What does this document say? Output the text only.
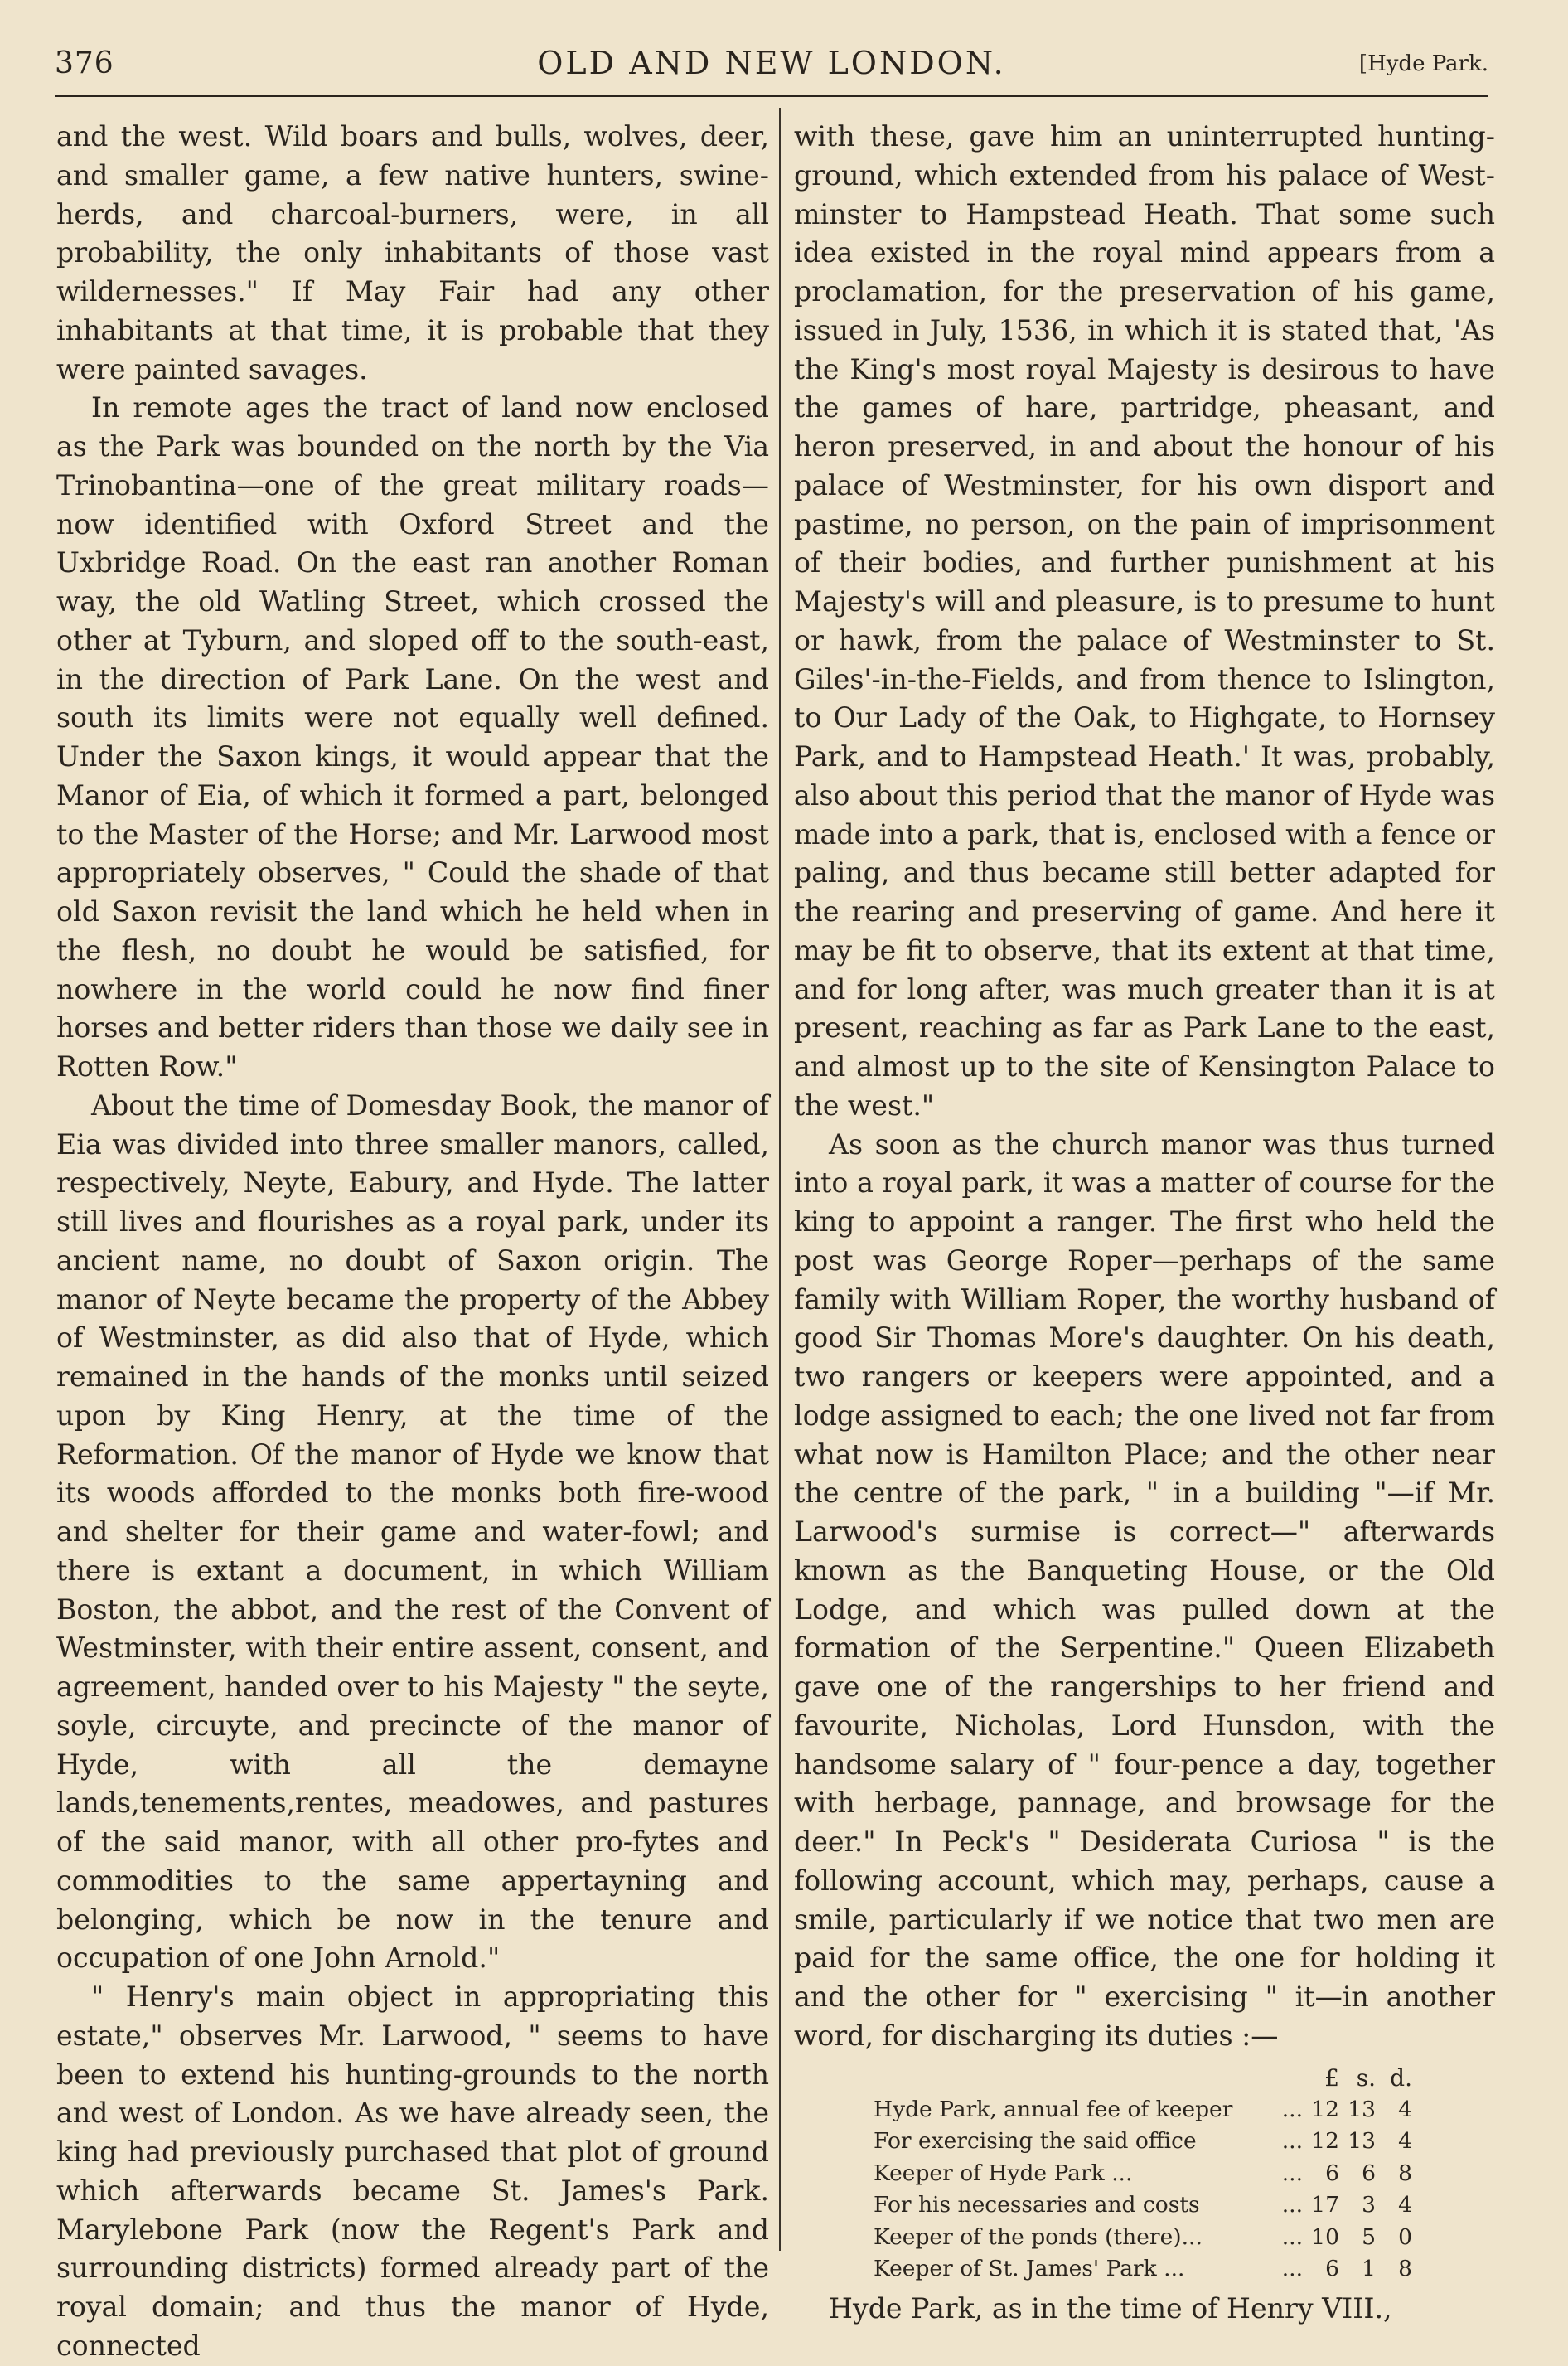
376	OLD AND NEW LONDON.	[Hyde Park.

and the west. Wild boars and bulls, wolves, deer, and smaller game, a few native hunters, swine-herds, and charcoal-burners, were, in all probability, the only inhabitants of those vast wildernesses." If May Fair had any other inhabitants at that time, it is probable that they were painted savages.

In remote ages the tract of land now enclosed as the Park was bounded on the north by the Via Trinobantina—one of the great military roads—now identified with Oxford Street and the Uxbridge Road. On the east ran another Roman way, the old Watling Street, which crossed the other at Tyburn, and sloped off to the south-east, in the direction of Park Lane. On the west and south its limits were not equally well defined. Under the Saxon kings, it would appear that the Manor of Eia, of which it formed a part, belonged to the Master of the Horse; and Mr. Larwood most appropriately observes, " Could the shade of that old Saxon revisit the land which he held when in the flesh, no doubt he would be satisfied, for nowhere in the world could he now find finer horses and better riders than those we daily see in Rotten Row."

About the time of Domesday Book, the manor of Eia was divided into three smaller manors, called, respectively, Neyte, Eabury, and Hyde. The latter still lives and flourishes as a royal park, under its ancient name, no doubt of Saxon origin. The manor of Neyte became the property of the Abbey of Westminster, as did also that of Hyde, which remained in the hands of the monks until seized upon by King Henry, at the time of the Reformation. Of the manor of Hyde we know that its woods afforded to the monks both fire-wood and shelter for their game and water-fowl; and there is extant a document, in which William Boston, the abbot, and the rest of the Convent of Westminster, with their entire assent, consent, and agreement, handed over to his Majesty " the seyte, soyle, circuyte, and precincte of the manor of Hyde, with all the demayne lands,tenements,rentes, meadowes, and pastures of the said manor, with all other pro-fytes and commodities to the same appertayning and belonging, which be now in the tenure and occupation of one John Arnold."

" Henry's main object in appropriating this estate," observes Mr. Larwood, " seems to have been to extend his hunting-grounds to the north and west of London. As we have already seen, the king had previously purchased that plot of ground which afterwards became St. James's Park. Marylebone Park (now the Regent's Park and surrounding districts) formed already part of the royal domain; and thus the manor of Hyde, connected

with these, gave him an uninterrupted hunting-ground, which extended from his palace of West-minster to Hampstead Heath. That some such idea existed in the royal mind appears from a proclamation, for the preservation of his game, issued in July, 1536, in which it is stated that, 'As the King's most royal Majesty is desirous to have the games of hare, partridge, pheasant, and heron preserved, in and about the honour of his palace of Westminster, for his own disport and pastime, no person, on the pain of imprisonment of their bodies, and further punishment at his Majesty's will and pleasure, is to presume to hunt or hawk, from the palace of Westminster to St. Giles'-in-the-Fields, and from thence to Islington, to Our Lady of the Oak, to Highgate, to Hornsey Park, and to Hampstead Heath.' It was, probably, also about this period that the manor of Hyde was made into a park, that is, enclosed with a fence or paling, and thus became still better adapted for the rearing and preserving of game. And here it may be fit to observe, that its extent at that time, and for long after, was much greater than it is at present, reaching as far as Park Lane to the east, and almost up to the site of Kensington Palace to the west."

As soon as the church manor was thus turned into a royal park, it was a matter of course for the king to appoint a ranger. The first who held the post was George Roper—perhaps of the same family with William Roper, the worthy husband of good Sir Thomas More's daughter. On his death, two rangers or keepers were appointed, and a lodge assigned to each; the one lived not far from what now is Hamilton Place; and the other near the centre of the park, " in a building "—if Mr. Larwood's surmise is correct—" afterwards known as the Banqueting House, or the Old Lodge, and which was pulled down at the formation of the Serpentine." Queen Elizabeth gave one of the rangerships to her friend and favourite, Nicholas, Lord Hunsdon, with the handsome salary of " four-pence a day, together with herbage, pannage, and browsage for the deer." In Peck's " Desiderata Curiosa " is the following account, which may, perhaps, cause a smile, particularly if we notice that two men are paid for the same office, the one for holding it and the other for " exercising " it—in another word, for discharging its duties :—

		£	s.	d.
Hyde Park, annual fee of keeper	...	12	13	4
For exercising the said office	...	12	13	4
Keeper of Hyde Park ...	...	6	6	8
For his necessaries and costs	...	17	3	4
Keeper of the ponds (there)...	...	10	5	0
Keeper of St. James' Park ...	...	6	1	8

Hyde Park, as in the time of Henry VIII.,
